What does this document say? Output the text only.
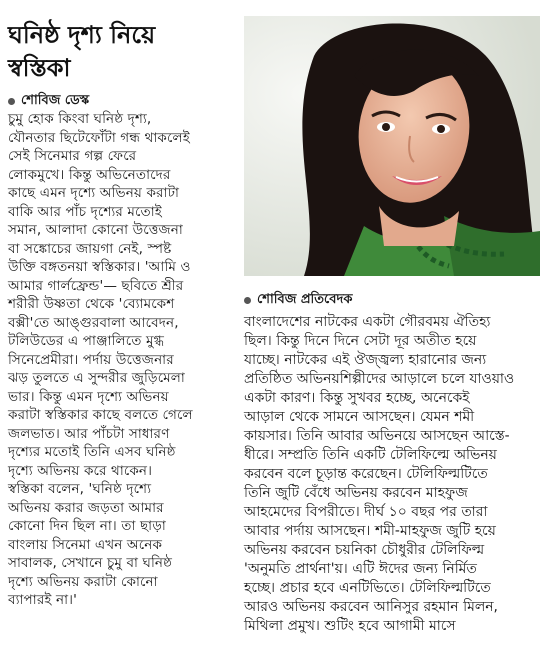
ঘনিষ্ঠ দৃশ্য নিয়ে
স্বস্তিকা
শোবিজ ডেস্ক
চুমু হোক কিংবা ঘনিষ্ঠ দৃশ্য,
যৌনতার ছিটেফোঁটা গন্ধ থাকলেই
সেই সিনেমার গল্প ফেরে
লোকমুখে। কিন্তু অভিনেতাদের
কাছে এমন দৃশ্যে অভিনয় করাটা
বাকি আর পাঁচ দৃশ্যের মতোই
সমান, আলাদা কোনো উত্তেজনা
বা সঙ্কোচের জায়গা নেই, স্পষ্ট
উক্তি বঙ্গতনয়া স্বস্তিকার। 'আমি ও
আমার গার্লফ্রেন্ড'— ছবিতে শ্রীর
শরীরী উষ্ণতা থেকে 'ব্যোমকেশ
বক্সী'তে আঙ্গুরবালা আবেদন,
টলিউডের এ পাঞ্জালিতে মুগ্ধ
সিনেপ্রেমীরা। পর্দায় উত্তেজনার
ঝড় তুলতে এ সুন্দরীর জুড়িমেলা
ভার। কিন্তু এমন দৃশ্যে অভিনয়
করাটা স্বস্তিকার কাছে বলতে গেলে
জলভাত। আর পাঁচটা সাধারণ
দৃশ্যের মতোই তিনি এসব ঘনিষ্ঠ
দৃশ্যে অভিনয় করে থাকেন।
স্বস্তিকা বলেন, 'ঘনিষ্ঠ দৃশ্যে
অভিনয় করার জড়তা আমার
কোনো দিন ছিল না। তা ছাড়া
বাংলায় সিনেমা এখন অনেক
সাবালক, সেখানে চুমু বা ঘনিষ্ঠ
দৃশ্যে অভিনয় করাটা কোনো
ব্যাপারই না।'
শোবিজ প্রতিবেদক
বাংলাদেশের নাটকের একটা গৌরবময় ঐতিহ্য
ছিল। কিন্তু দিনে দিনে সেটা দূর অতীত হয়ে
যাচ্ছে। নাটকের এই ঔজ্জ্বল্য হারানোর জন্য
প্রতিষ্ঠিত অভিনয়শিল্পীদের আড়ালে চলে যাওয়াও
একটা কারণ। কিন্তু সুখবর হচ্ছে, অনেকেই
আড়াল থেকে সামনে আসছেন। যেমন শমী
কায়সার। তিনি আবার অভিনয়ে আসছেন আস্তে-
ধীরে। সম্প্রতি তিনি একটি টেলিফিল্মে অভিনয়
করবেন বলে চূড়ান্ত করেছেন। টেলিফিল্মটিতে
তিনি জুটি বেঁধে অভিনয় করবেন মাহফুজ
আহমেদের বিপরীতে। দীর্ঘ ১০ বছর পর তারা
আবার পর্দায় আসছেন। শমী-মাহফুজ জুটি হয়ে
অভিনয় করবেন চয়নিকা চৌধুরীর টেলিফিল্ম
'অনুমতি প্রার্থনা'য়। এটি ঈদের জন্য নির্মিত
হচ্ছে। প্রচার হবে এনটিভিতে। টেলিফিল্মটিতে
আরও অভিনয় করবেন আনিসুর রহমান মিলন,
মিথিলা প্রমুখ। শুটিং হবে আগামী মাসে
